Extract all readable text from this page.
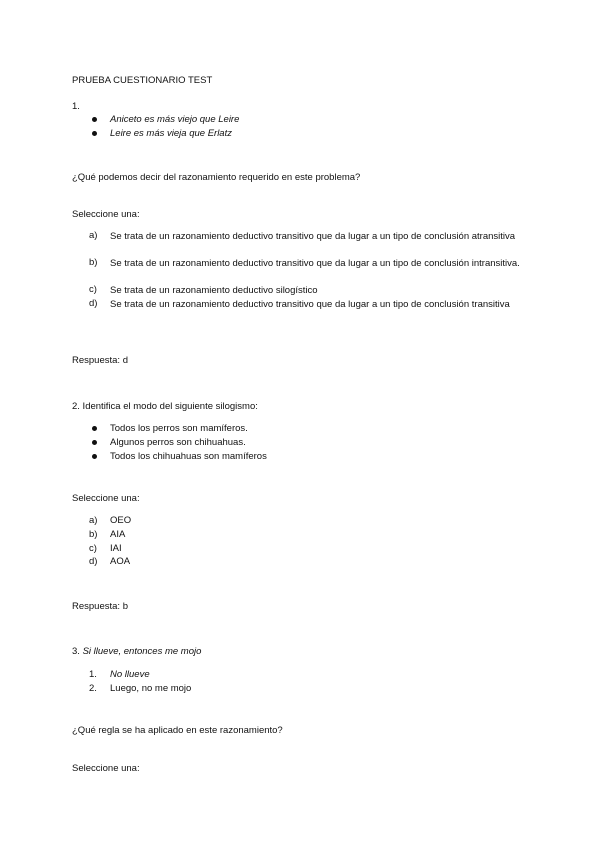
PRUEBA CUESTIONARIO TEST
1.
Aniceto es más viejo que Leire
Leire es más vieja que Erlatz
¿Qué podemos decir del razonamiento requerido en este problema?
Seleccione una:
a) Se trata de un razonamiento deductivo transitivo que da lugar a un tipo de conclusión atransitiva
b) Se trata de un razonamiento deductivo transitivo que da lugar a un tipo de conclusión intransitiva.
c) Se trata de un razonamiento deductivo silogístico
d) Se trata de un razonamiento deductivo transitivo que da lugar a un tipo de conclusión transitiva
Respuesta: d
2. Identifica el modo del siguiente silogismo:
Todos los perros son mamíferos.
Algunos perros son chihuahuas.
Todos los chihuahuas son mamíferos
Seleccione una:
a) OEO
b) AIA
c) IAI
d) AOA
Respuesta: b
3. Si llueve, entonces me mojo
1. No llueve
2. Luego, no me mojo
¿Qué regla se ha aplicado en este razonamiento?
Seleccione una:
